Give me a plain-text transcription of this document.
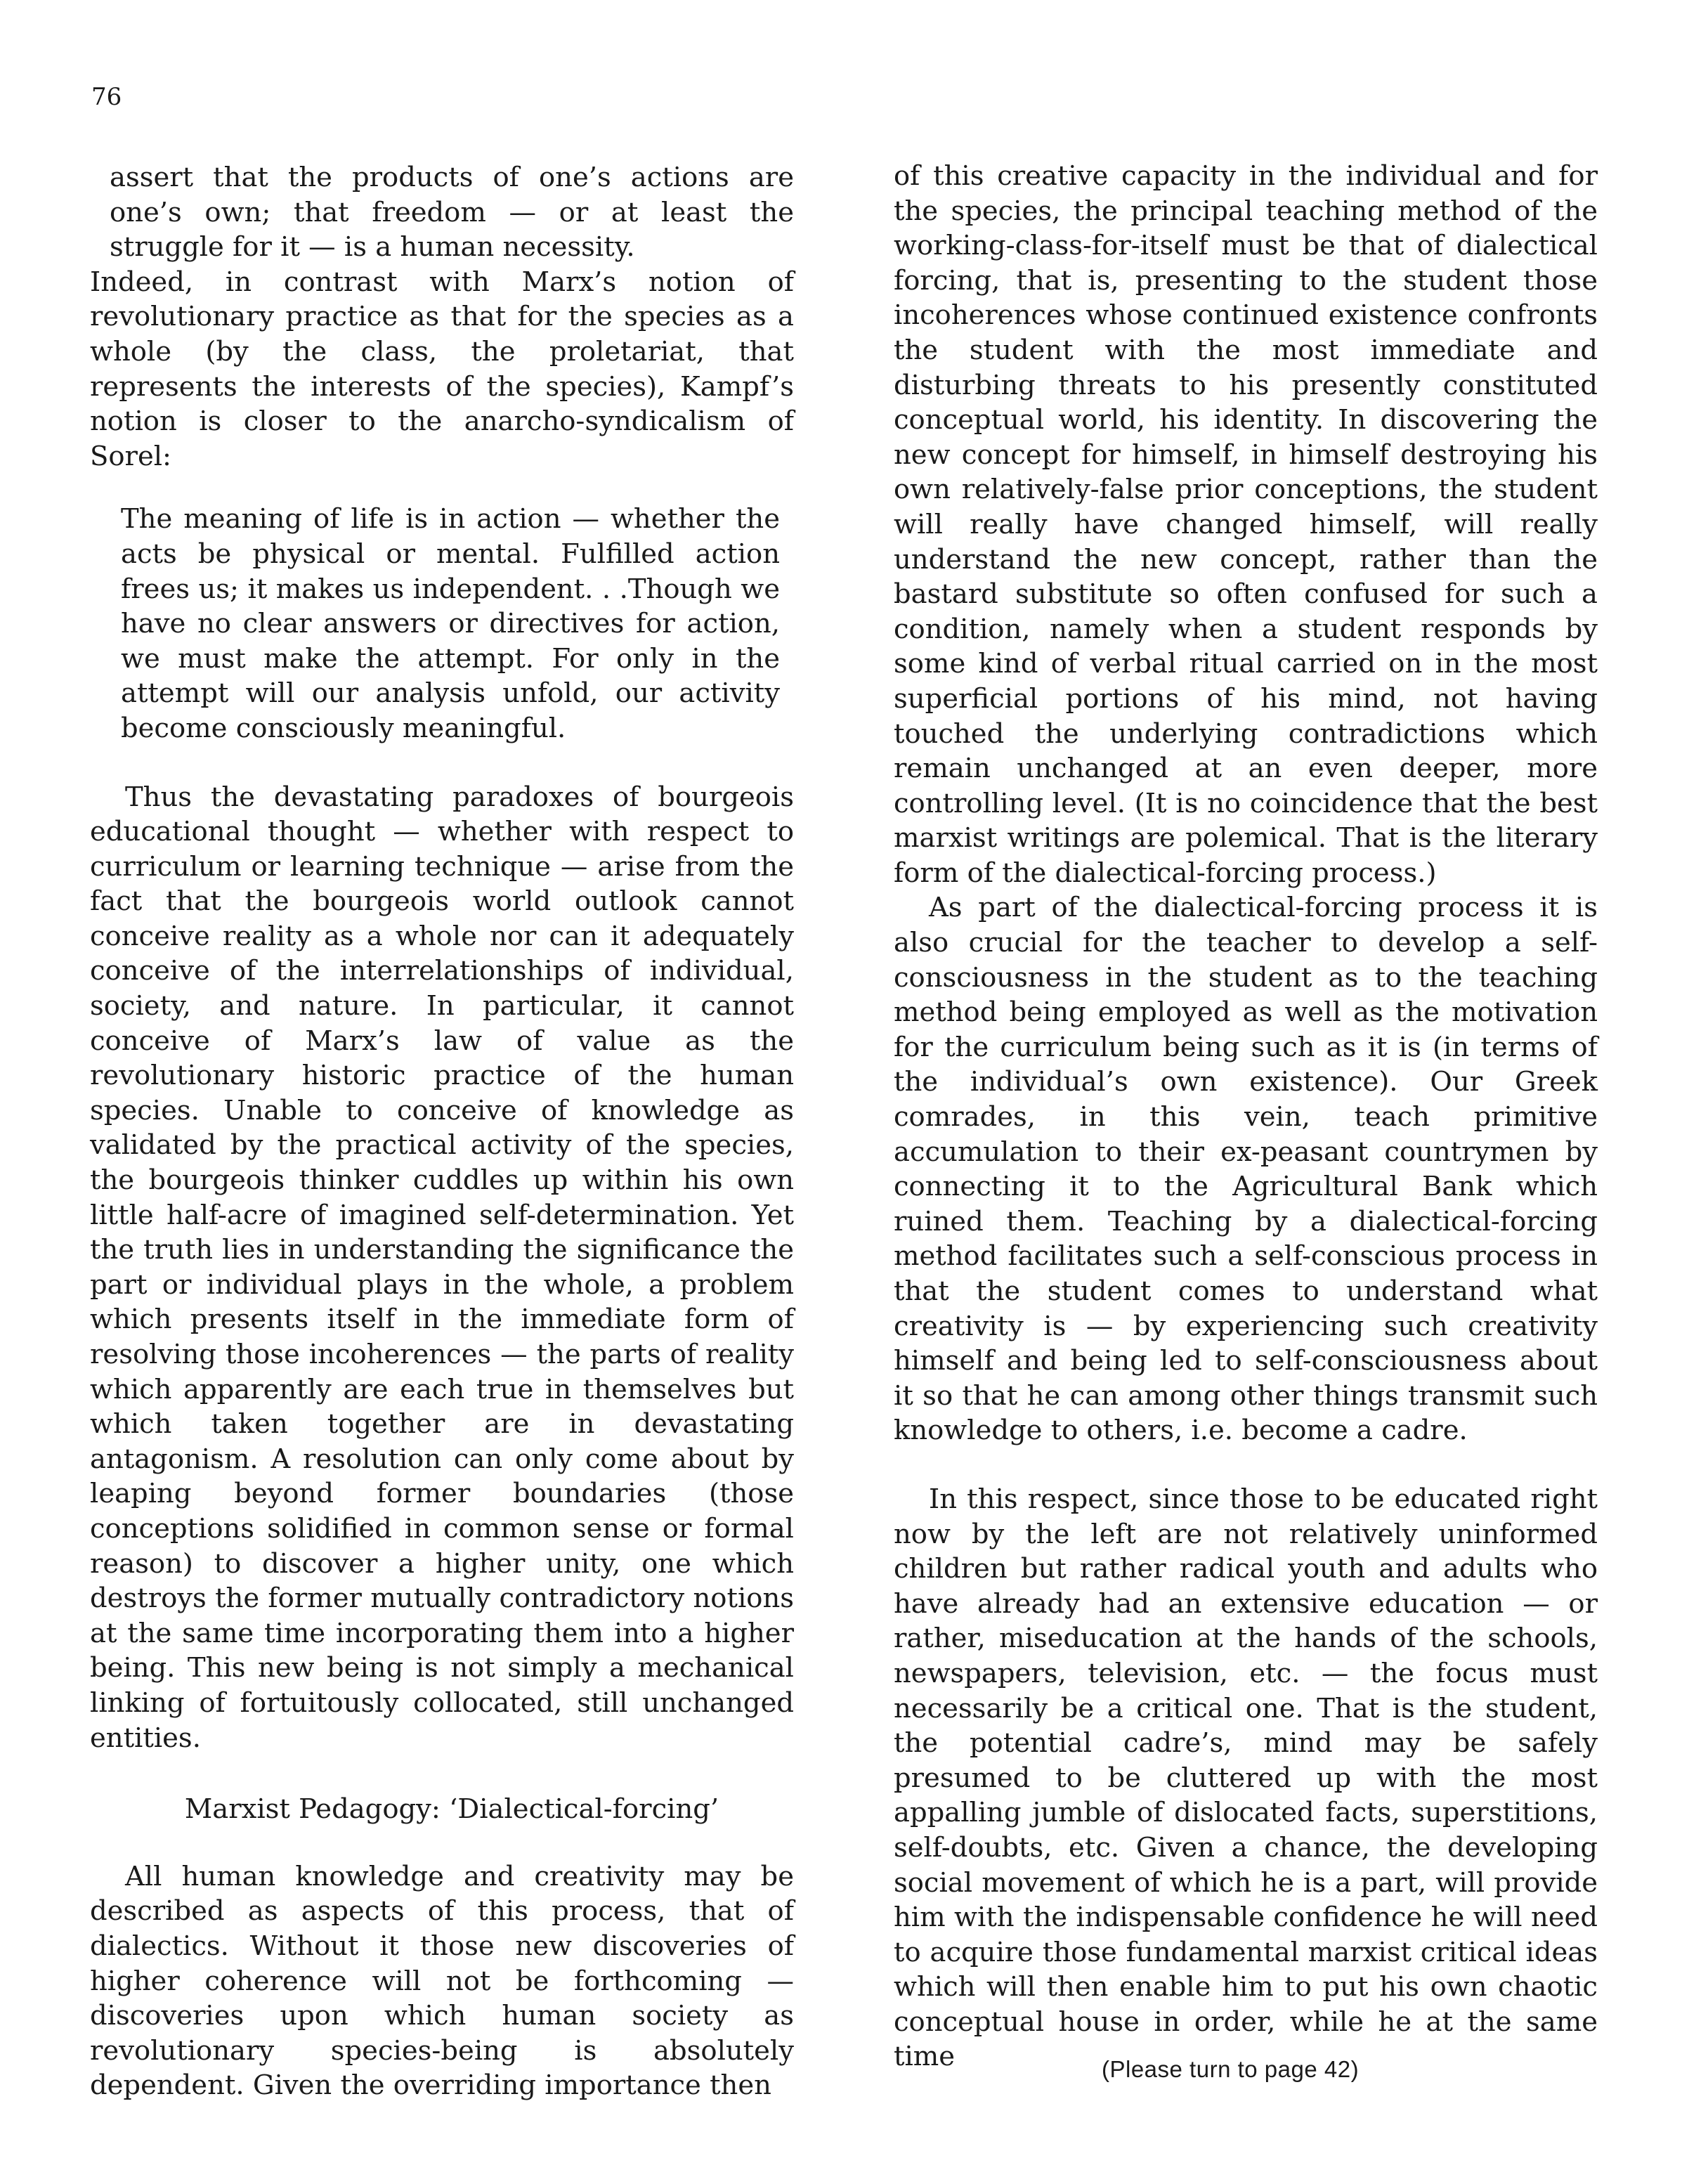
76

assert that the products of one’s actions are one’s own; that freedom — or at least the struggle for it — is a human necessity.

Indeed, in contrast with Marx’s notion of revolutionary practice as that for the species as a whole (by the class, the proletariat, that represents the interests of the species), Kampf’s notion is closer to the anarcho-syndicalism of Sorel:

The meaning of life is in action — whether the acts be physical or mental. Fulfilled action frees us; it makes us independent. . .Though we have no clear answers or directives for action, we must make the attempt. For only in the attempt will our analysis unfold, our activity become consciously meaningful.

Thus the devastating paradoxes of bourgeois educational thought — whether with respect to curriculum or learning technique — arise from the fact that the bourgeois world outlook cannot conceive reality as a whole nor can it adequately conceive of the interrelationships of individual, society, and nature. In particular, it cannot conceive of Marx’s law of value as the revolutionary historic practice of the human species. Unable to conceive of knowledge as validated by the practical activity of the species, the bourgeois thinker cuddles up within his own little half-acre of imagined self-determination. Yet the truth lies in understanding the significance the part or individual plays in the whole, a problem which presents itself in the immediate form of resolving those incoherences — the parts of reality which apparently are each true in themselves but which taken together are in devastating antagonism. A resolution can only come about by leaping beyond former boundaries (those conceptions solidified in common sense or formal reason) to discover a higher unity, one which destroys the former mutually contradictory notions at the same time incorporating them into a higher being. This new being is not simply a mechanical linking of fortuitously collocated, still unchanged entities.

Marxist Pedagogy: ‘Dialectical-forcing’

All human knowledge and creativity may be described as aspects of this process, that of dialectics. Without it those new discoveries of higher coherence will not be forthcoming — discoveries upon which human society as revolutionary species-being is absolutely dependent. Given the overriding importance then

of this creative capacity in the individual and for the species, the principal teaching method of the working-class-for-itself must be that of dialectical forcing, that is, presenting to the student those incoherences whose continued existence confronts the student with the most immediate and disturbing threats to his presently constituted conceptual world, his identity. In discovering the new concept for himself, in himself destroying his own relatively-false prior conceptions, the student will really have changed himself, will really understand the new concept, rather than the bastard substitute so often confused for such a condition, namely when a student responds by some kind of verbal ritual carried on in the most superficial portions of his mind, not having touched the underlying contradictions which remain unchanged at an even deeper, more controlling level. (It is no coincidence that the best marxist writings are polemical. That is the literary form of the dialectical-forcing process.)

As part of the dialectical-forcing process it is also crucial for the teacher to develop a self-consciousness in the student as to the teaching method being employed as well as the motivation for the curriculum being such as it is (in terms of the individual’s own existence). Our Greek comrades, in this vein, teach primitive accumulation to their ex-peasant countrymen by connecting it to the Agricultural Bank which ruined them. Teaching by a dialectical-forcing method facilitates such a self-conscious process in that the student comes to understand what creativity is — by experiencing such creativity himself and being led to self-consciousness about it so that he can among other things transmit such knowledge to others, i.e. become a cadre.

In this respect, since those to be educated right now by the left are not relatively uninformed children but rather radical youth and adults who have already had an extensive education — or rather, miseducation at the hands of the schools, newspapers, television, etc. — the focus must necessarily be a critical one. That is the student, the potential cadre’s, mind may be safely presumed to be cluttered up with the most appalling jumble of dislocated facts, superstitions, self-doubts, etc. Given a chance, the developing social movement of which he is a part, will provide him with the indispensable confidence he will need to acquire those fundamental marxist critical ideas which will then enable him to put his own chaotic conceptual house in order, while he at the same time	(Please turn to page 42)
